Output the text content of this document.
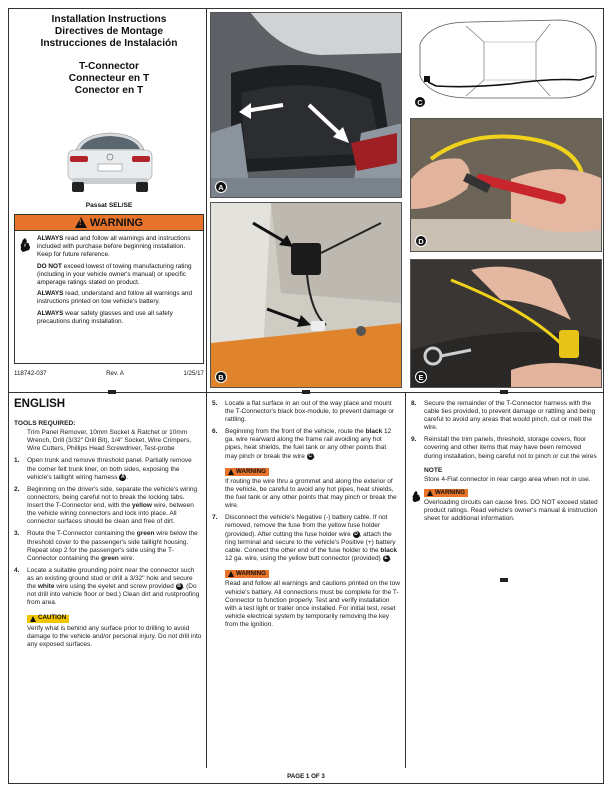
Installation Instructions
Directives de Montage
Instrucciones de Instalación
T-Connector
Connecteur en T
Conector en T
Passat SEL/SE
!
WARNING

ALWAYS read and follow all warnings and instructions included with purchase before beginning installation. Keep for future reference.

DO NOT exceed lowest of towing manufacturing rating (including in your vehicle owner's manual) or specific amperage ratings stated on product.

ALWAYS read, understand and follow all warnings and instructions printed on tow vehicle's battery.

ALWAYS wear safety glasses and use all safety precautions during installation.

118742-037	Rev. A	1/25/17
A
B
C
D
E
ENGLISH
TOOLS REQUIRED:
Trim Panel Remover, 10mm Socket & Ratchet or 10mm Wrench, Drill (3/32" Drill Bit), 1/4" Socket, Wire Crimpers, Wire Cutters, Phillips Head Screwdriver, Test-probe
1.	Open trunk and remove threshold panel. Partially remove the corner felt trunk liner, on both sides, exposing the vehicle's taillight wiring harness A .
2.	Beginning on the driver's side, separate the vehicle's wiring connectors, being careful not to break the locking tabs. Insert the T-Connector end, with the yellow wire, between the vehicle wiring connectors and lock into place. All connector surfaces should be clean and free of dirt.
3.	Route the T-Connector containing the green wire below the threshold cover to the passenger's side taillight housing. Repeat step 2 for the passenger's side using the T-Connector containing the green wire.
4.	Locate a suitable grounding point near the connector such as an existing ground stud or drill a 3/32" hole and secure the white wire using the eyelet and screw provided B . (Do not drill into vehicle floor or bed.) Clean dirt and rustproofing from area.
CAUTION
Verify what is behind any surface prior to drilling to avoid damage to the vehicle and/or personal injury. Do not drill into any exposed surfaces.
5.	Locate a flat surface in an out of the way place and mount the T-Connector's black box-module, to prevent damage or rattling.
6.	Beginning from the front of the vehicle, route the black 12 ga. wire rearward along the frame rail avoiding any hot pipes, heat shields, the fuel tank or any other points that may pinch or break the wire C .
WARNING
If routing the wire thru a grommet and along the exterior of the vehicle, be careful to avoid any hot pipes, heat shields, the fuel tank or any other points that may pinch or break the wire.
7.	Disconnect the vehicle's Negative (-) battery cable. If not removed, remove the fuse from the yellow fuse holder (provided). After cutting the fuse holder wire D , attach the ring terminal and secure to the vehicle's Positive (+) battery cable. Connect the other end of the fuse holder to the black 12 ga. wire, using the yellow butt connector (provided) E .
WARNING
Read and follow all warnings and cautions printed on the tow vehicle's battery. All connections must be complete for the T-Connector to function properly. Test and verify installation with a test light or trailer once installed. For initial test, reset vehicle electrical system by temporarily removing the key from the ignition.
8.	Secure the remainder of the T-Connector harness with the cable ties provided, to prevent damage or rattling and being careful to avoid any areas that would pinch, cut or melt the wire.
9.	Reinstall the trim panels, threshold, storage covers, floor covering and other items that may have been removed during installation, being careful not to pinch or cut the wires
NOTE
Store 4-Flat connector in rear cargo area when not in use.
WARNING
Overloading circuits can cause fires. DO NOT exceed stated product ratings. Read vehicle's owner's manual & instruction sheet for additional information.
PAGE 1 OF 3
